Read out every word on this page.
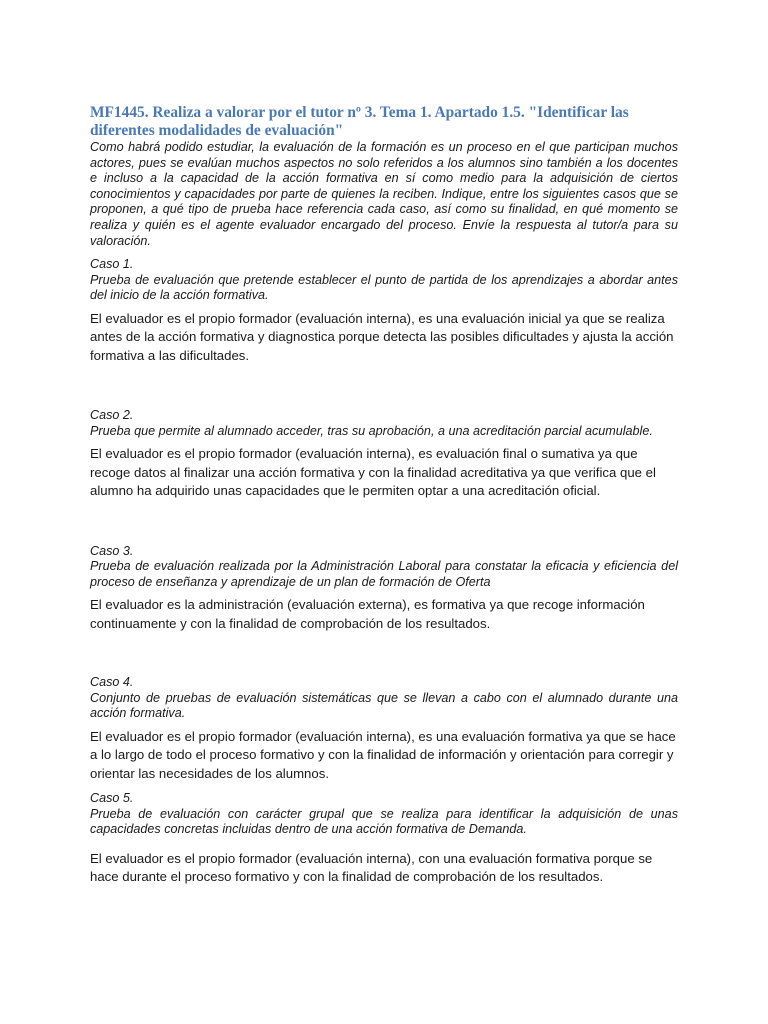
MF1445. Realiza a valorar por el tutor nº 3. Tema 1. Apartado 1.5. "Identificar las diferentes modalidades de evaluación"

Como habrá podido estudiar, la evaluación de la formación es un proceso en el que participan muchos actores, pues se evalúan muchos aspectos no solo referidos a los alumnos sino también a los docentes e incluso a la capacidad de la acción formativa en sí como medio para la adquisición de ciertos conocimientos y capacidades por parte de quienes la reciben. Indique, entre los siguientes casos que se proponen, a qué tipo de prueba hace referencia cada caso, así como su finalidad, en qué momento se realiza y quién es el agente evaluador encargado del proceso. Envíe la respuesta al tutor/a para su valoración.

Caso 1.

Prueba de evaluación que pretende establecer el punto de partida de los aprendizajes a abordar antes del inicio de la acción formativa.

El evaluador es el propio formador (evaluación interna), es una evaluación inicial ya que se realiza antes de la acción formativa y diagnostica porque detecta las posibles dificultades y ajusta la acción formativa a las dificultades.

Caso 2.

Prueba que permite al alumnado acceder, tras su aprobación, a una acreditación parcial acumulable.

El evaluador es el propio formador (evaluación interna), es evaluación final o sumativa ya que recoge datos al finalizar una acción formativa y con la finalidad acreditativa ya que verifica que el alumno ha adquirido unas capacidades que le permiten optar a una acreditación oficial.

Caso 3.

Prueba de evaluación realizada por la Administración Laboral para constatar la eficacia y eficiencia del proceso de enseñanza y aprendizaje de un plan de formación de Oferta

El evaluador es la administración (evaluación externa), es formativa ya que recoge información continuamente y con la finalidad de comprobación de los resultados.

Caso 4.

Conjunto de pruebas de evaluación sistemáticas que se llevan a cabo con el alumnado durante una acción formativa.

El evaluador es el propio formador (evaluación interna), es una evaluación formativa ya que se hace a lo largo de todo el proceso formativo y con la finalidad de información y orientación para corregir y orientar las necesidades de los alumnos.

Caso 5.

Prueba de evaluación con carácter grupal que se realiza para identificar la adquisición de unas capacidades concretas incluidas dentro de una acción formativa de Demanda.

El evaluador es el propio formador (evaluación interna), con una evaluación formativa porque se hace durante el proceso formativo y con la finalidad de comprobación de los resultados.
